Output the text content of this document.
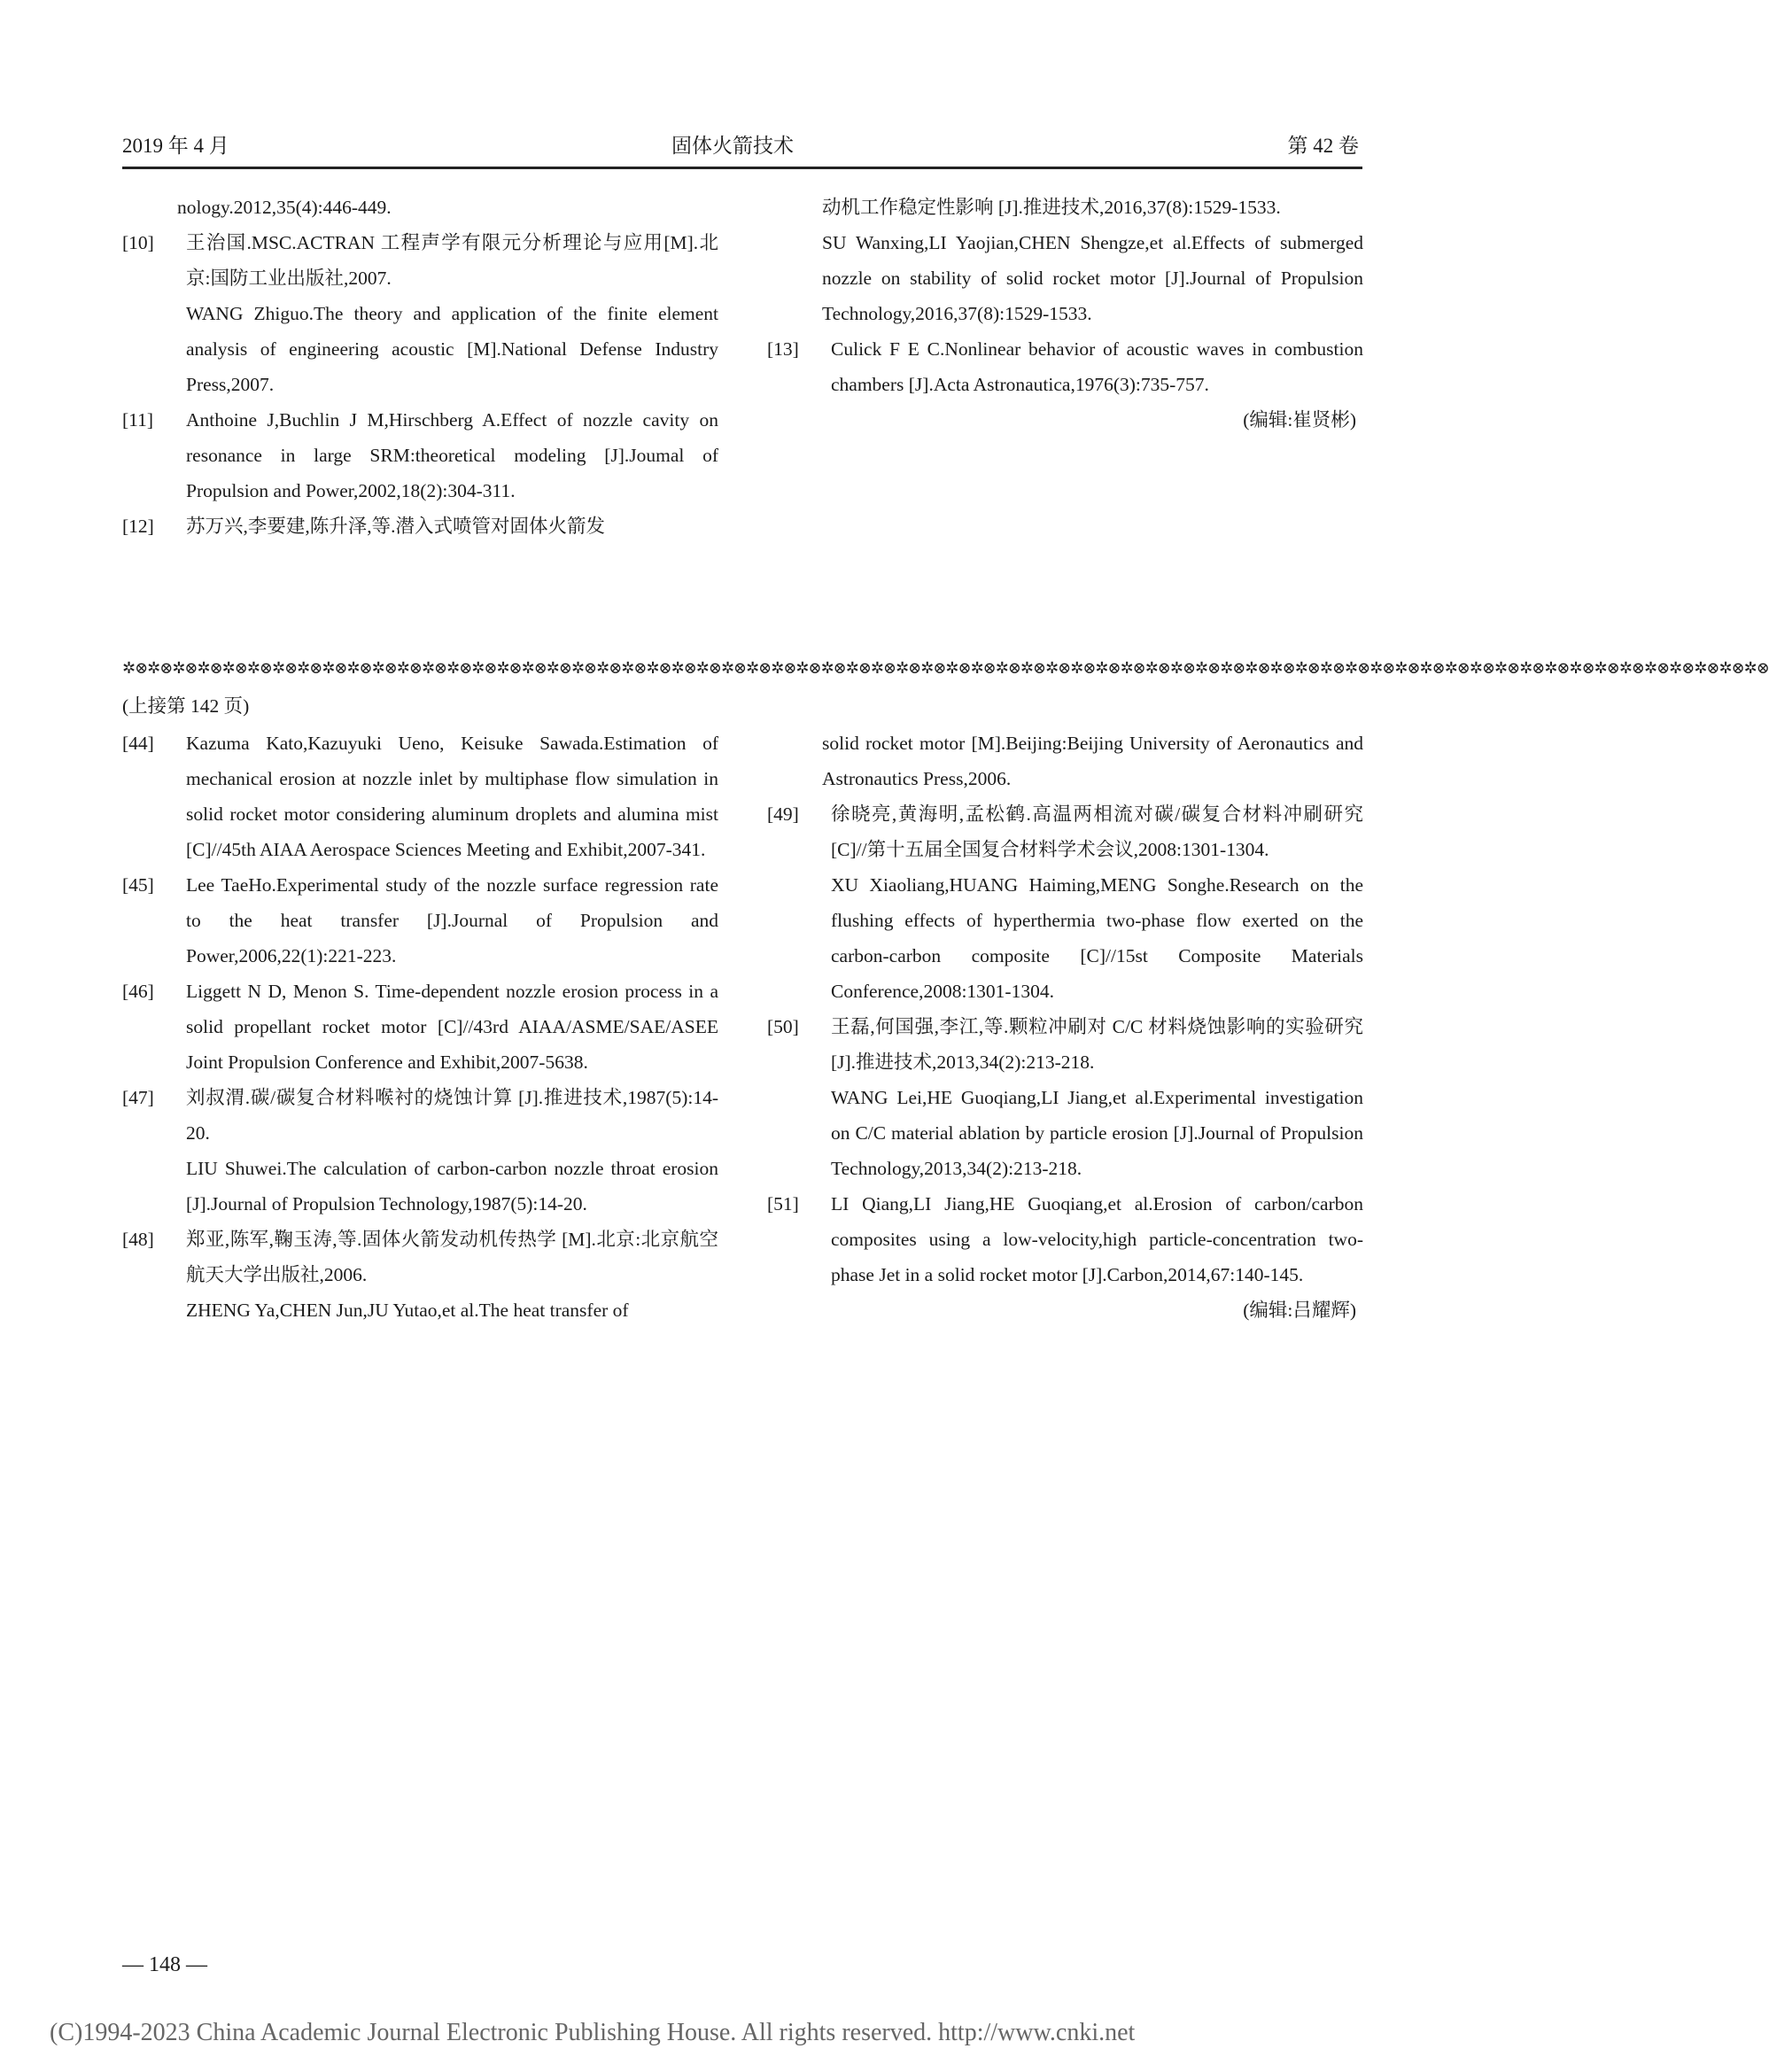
2019 年 4 月	固体火箭技术	第 42 卷
nology.2012,35(4):446-449.
[10] 王治国.MSC.ACTRAN 工程声学有限元分析理论与应用[M].北京:国防工业出版社,2007.
WANG Zhiguo.The theory and application of the finite element analysis of engineering acoustic [M].National Defense Industry Press,2007.
[11] Anthoine J,Buchlin J M,Hirschberg A.Effect of nozzle cavity on resonance in large SRM:theoretical modeling [J].Joumal of Propulsion and Power,2002,18(2):304-311.
[12] 苏万兴,李要建,陈升泽,等.潜入式喷管对固体火箭发
动机工作稳定性影响 [J].推进技术,2016,37(8):1529-1533.
SU Wanxing,LI Yaojian,CHEN Shengze,et al.Effects of submerged nozzle on stability of solid rocket motor [J].Journal of Propulsion Technology,2016,37(8):1529-1533.
[13] Culick F E C.Nonlinear behavior of acoustic waves in combustion chambers [J].Acta Astronautica,1976(3):735-757.
(编辑:崔贤彬)
✲⊗✲⊗✲⊗✲⊗✲⊗✲⊗✲⊗✲⊗✲⊗✲⊗✲⊗✲⊗✲⊗✲⊗✲⊗✲⊗✲⊗✲⊗✲⊗✲⊗✲⊗✲⊗✲⊗✲⊗✲⊗✲⊗✲⊗✲⊗✲⊗✲⊗✲⊗✲⊗✲⊗✲⊗✲⊗✲⊗✲⊗✲⊗✲⊗✲⊗✲⊗✲⊗✲⊗✲⊗✲⊗✲⊗✲⊗✲⊗✲⊗✲⊗✲⊗✲⊗✲⊗✲⊗✲⊗✲⊗✲⊗✲⊗✲⊗✲⊗✲⊗✲⊗✲⊗✲⊗✲⊗✲⊗
(上接第 142 页)
[44] Kazuma Kato,Kazuyuki Ueno, Keisuke Sawada.Estimation of mechanical erosion at nozzle inlet by multiphase flow simulation in solid rocket motor considering aluminum droplets and alumina mist [C]//45th AIAA Aerospace Sciences Meeting and Exhibit,2007-341.
[45] Lee TaeHo.Experimental study of the nozzle surface regression rate to the heat transfer [J].Journal of Propulsion and Power,2006,22(1):221-223.
[46] Liggett N D, Menon S. Time-dependent nozzle erosion process in a solid propellant rocket motor [C]//43rd AIAA/ASME/SAE/ASEE Joint Propulsion Conference and Exhibit,2007-5638.
[47] 刘叔渭.碳/碳复合材料喉衬的烧蚀计算 [J].推进技术,1987(5):14-20.
LIU Shuwei.The calculation of carbon-carbon nozzle throat erosion [J].Journal of Propulsion Technology,1987(5):14-20.
[48] 郑亚,陈军,鞠玉涛,等.固体火箭发动机传热学 [M].北京:北京航空航天大学出版社,2006.
ZHENG Ya,CHEN Jun,JU Yutao,et al.The heat transfer of
solid rocket motor [M].Beijing:Beijing University of Aeronautics and Astronautics Press,2006.
[49] 徐晓亮,黄海明,孟松鹤.高温两相流对碳/碳复合材料冲刷研究 [C]//第十五届全国复合材料学术会议,2008:1301-1304.
XU Xiaoliang,HUANG Haiming,MENG Songhe.Research on the flushing effects of hyperthermia two-phase flow exerted on the carbon-carbon composite [C]//15st Composite Materials Conference,2008:1301-1304.
[50] 王磊,何国强,李江,等.颗粒冲刷对 C/C 材料烧蚀影响的实验研究 [J].推进技术,2013,34(2):213-218.
WANG Lei,HE Guoqiang,LI Jiang,et al.Experimental investigation on C/C material ablation by particle erosion [J].Journal of Propulsion Technology,2013,34(2):213-218.
[51] LI Qiang,LI Jiang,HE Guoqiang,et al.Erosion of carbon/carbon composites using a low-velocity,high particle-concentration two-phase Jet in a solid rocket motor [J].Carbon,2014,67:140-145.
(编辑:吕耀辉)
— 148 —
(C)1994-2023 China Academic Journal Electronic Publishing House. All rights reserved. http://www.cnki.net
